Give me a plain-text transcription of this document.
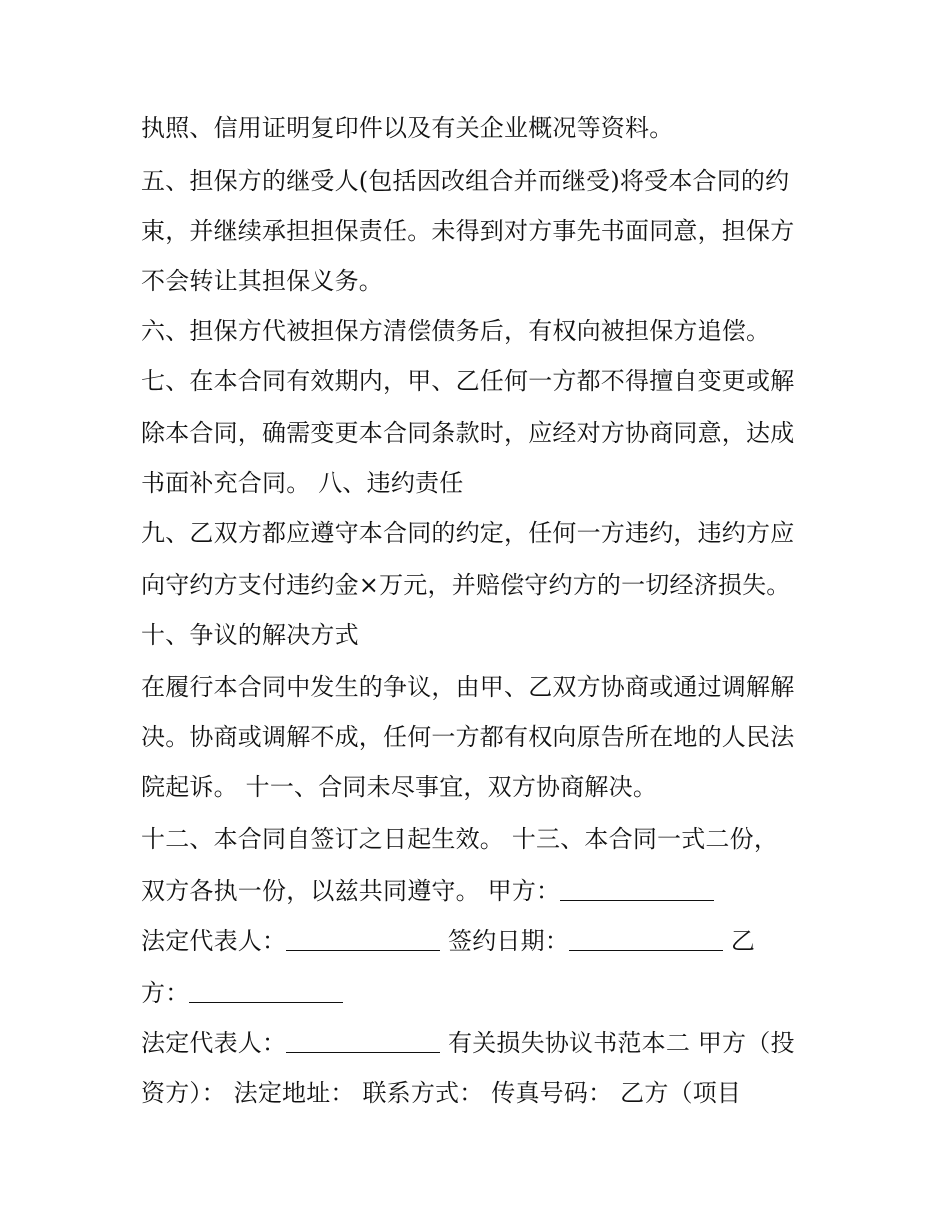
执照、信用证明复印件以及有关企业概况等资料。
五、担保方的继受人(包括因改组合并而继受)将受本合同的约
束，并继续承担担保责任。未得到对方事先书面同意，担保方
不会转让其担保义务。
六、担保方代被担保方清偿债务后，有权向被担保方追偿。
七、在本合同有效期内，甲、乙任何一方都不得擅自变更或解
除本合同，确需变更本合同条款时，应经对方协商同意，达成
书面补充合同。 八、违约责任
九、乙双方都应遵守本合同的约定，任何一方违约，违约方应
向守约方支付违约金×万元，并赔偿守约方的一切经济损失。
十、争议的解决方式
在履行本合同中发生的争议，由甲、乙双方协商或通过调解解
决。协商或调解不成，任何一方都有权向原告所在地的人民法
院起诉。 十一、合同未尽事宜，双方协商解决。
十二、本合同自签订之日起生效。 十三、本合同一式二份，
双方各执一份，以兹共同遵守。 甲方：
法定代表人：	签约日期：	乙
方：
法定代表人：	有关损失协议书范本二 甲方（投
资方）： 法定地址： 联系方式： 传真号码： 乙方（项目
